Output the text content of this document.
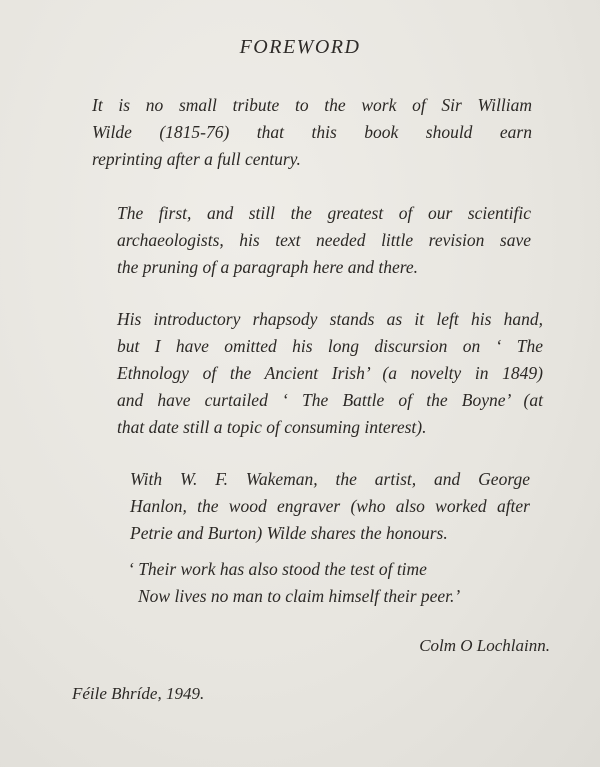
FOREWORD

It is no small tribute to the work of Sir William
Wilde (1815-76) that this book should earn
reprinting after a full century.

The first, and still the greatest of our scientific
archaeologists, his text needed little revision save
the pruning of a paragraph here and there.

His introductory rhapsody stands as it left his hand,
but I have omitted his long discursion on ‘ The
Ethnology of the Ancient Irish’ (a novelty in 1849)
and have curtailed ‘ The Battle of the Boyne’ (at
that date still a topic of consuming interest).

With W. F. Wakeman, the artist, and George
Hanlon, the wood engraver (who also worked after
Petrie and Burton) Wilde shares the honours.

‘ Their work has also stood the test of time
Now lives no man to claim himself their peer.’

Colm O Lochlainn.
Féile Bhríde, 1949.
